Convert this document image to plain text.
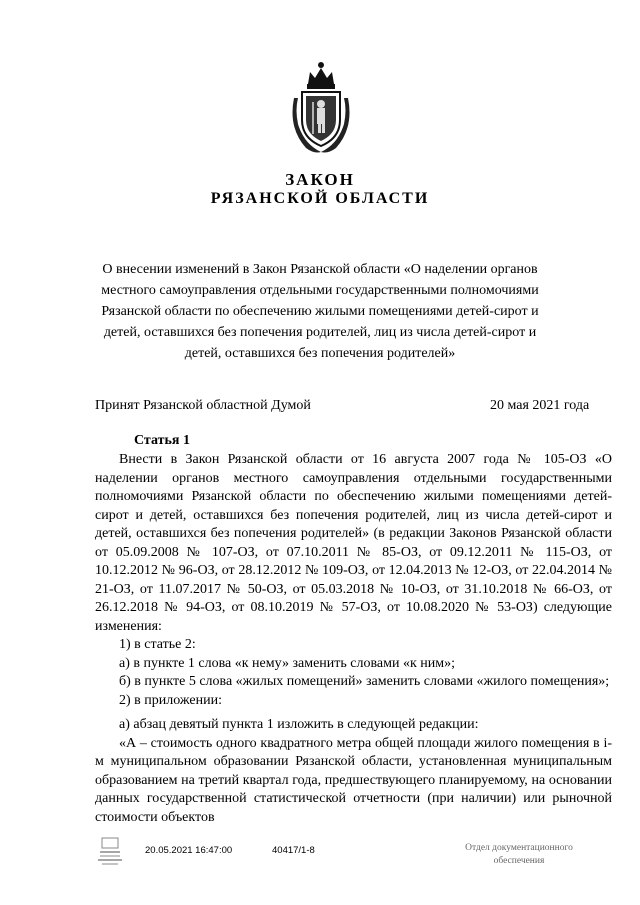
ЗАКОН
РЯЗАНСКОЙ ОБЛАСТИ
О внесении изменений в Закон Рязанской области «О наделении органов местного самоуправления отдельными государственными полномочиями Рязанской области по обеспечению жилыми помещениями детей-сирот и детей, оставшихся без попечения родителей, лиц из числа детей-сирот и детей, оставшихся без попечения родителей»
Принят Рязанской областной Думой	20 мая 2021 года
Статья 1

Внести в Закон Рязанской области от 16 августа 2007 года № 105-ОЗ «О наделении органов местного самоуправления отдельными государственными полномочиями Рязанской области по обеспечению жилыми помещениями детей-сирот и детей, оставшихся без попечения родителей, лиц из числа детей-сирот и детей, оставшихся без попечения родителей» (в редакции Законов Рязанской области от 05.09.2008 № 107-ОЗ, от 07.10.2011 № 85-ОЗ, от 09.12.2011 № 115-ОЗ, от 10.12.2012 № 96-ОЗ, от 28.12.2012 № 109-ОЗ, от 12.04.2013 № 12-ОЗ, от 22.04.2014 № 21-ОЗ, от 11.07.2017 № 50-ОЗ, от 05.03.2018 № 10-ОЗ, от 31.10.2018 № 66-ОЗ, от 26.12.2018 № 94-ОЗ, от 08.10.2019 № 57-ОЗ, от 10.08.2020 № 53-ОЗ) следующие изменения:

1) в статье 2:

а) в пункте 1 слова «к нему» заменить словами «к ним»;

б) в пункте 5 слова «жилых помещений» заменить словами «жилого помещения»;

2) в приложении:

а) абзац девятый пункта 1 изложить в следующей редакции:

«А – стоимость одного квадратного метра общей площади жилого помещения в i-м муниципальном образовании Рязанской области, установленная муниципальным образованием на третий квартал года, предшествующего планируемому, на основании данных государственной статистической отчетности (при наличии) или рыночной стоимости объектов

20.05.2021 16:47:00	40417/1-8	Отдел документационного
обеспечения
